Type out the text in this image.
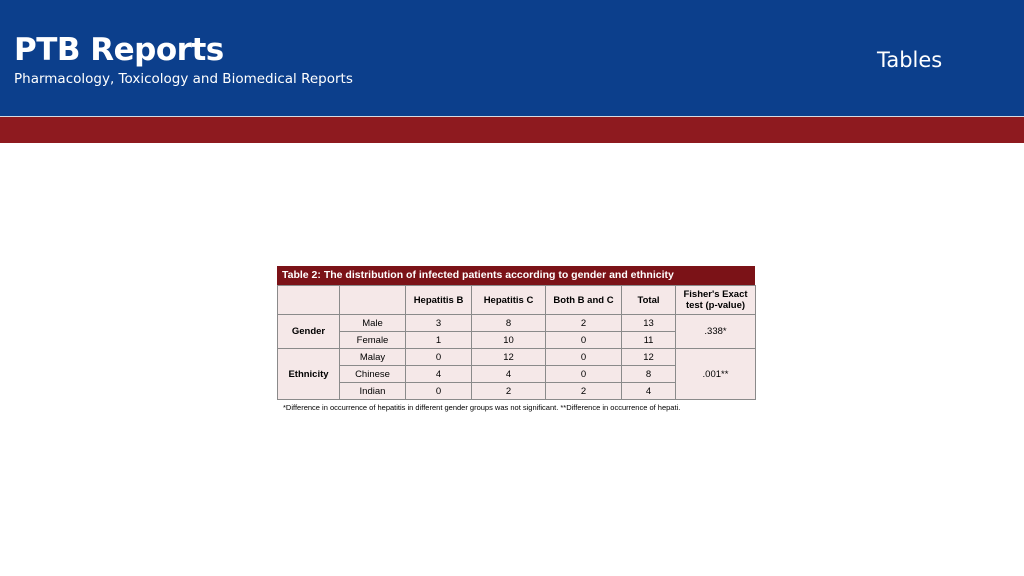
PTB Reports
Pharmacology, Toxicology and Biomedical Reports
Tables
Table 2: The distribution of infected patients according to gender and ethnicity
		Hepatitis B	Hepatitis C	Both B and C	Total	Fisher's Exact test (p-value)
Gender	Male	3	8	2	13	.338*
	Female	1	10	0	11	
Ethnicity	Malay	0	12	0	12	.001**
	Chinese	4	4	0	8	
	Indian	0	2	2	4	
*Difference in occurrence of hepatitis in different gender groups was not significant. **Difference in occurrence of hepati.
